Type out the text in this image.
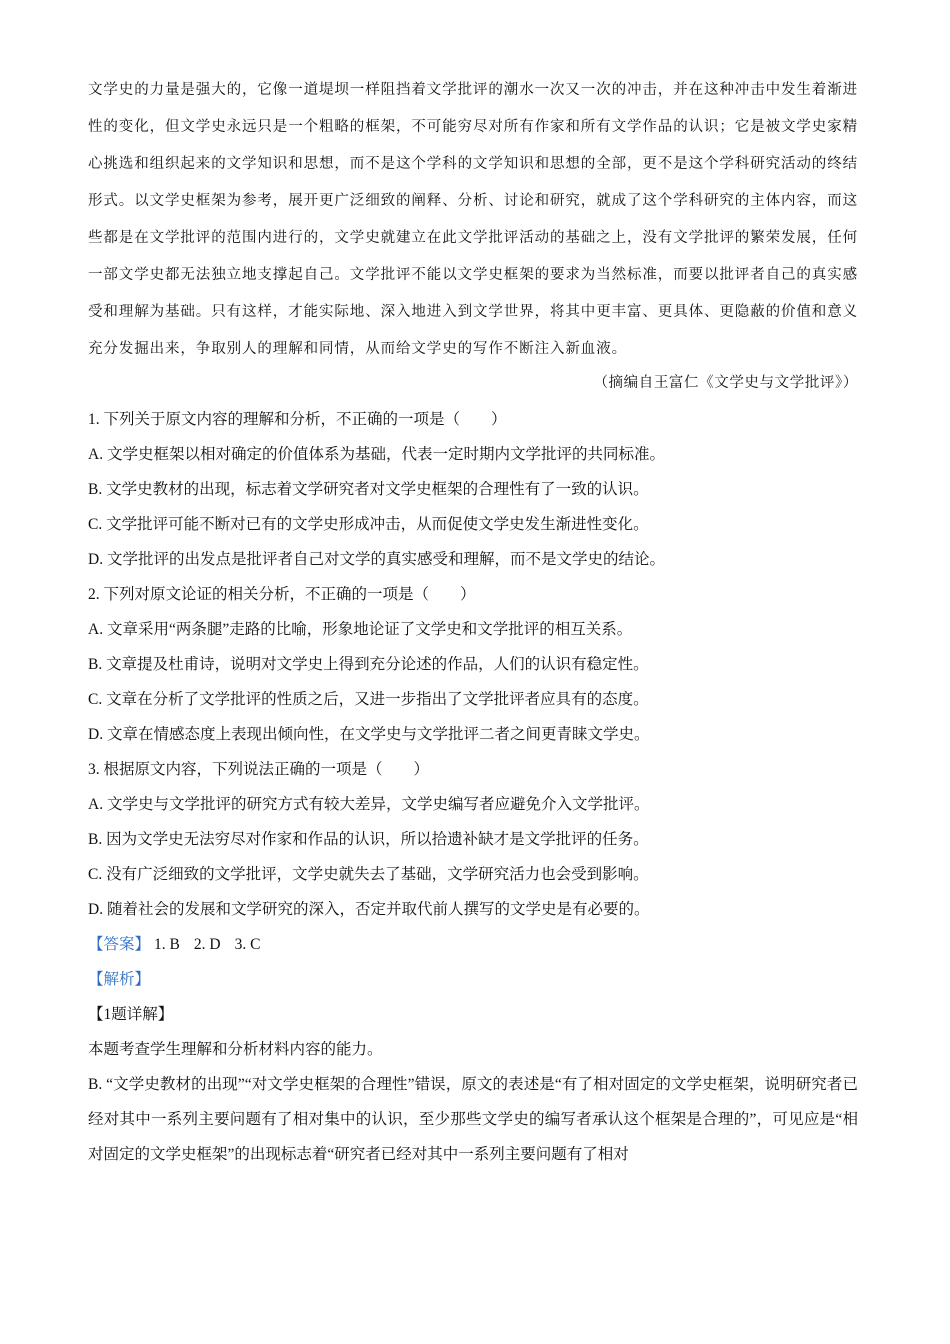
文学史的力量是强大的，它像一道堤坝一样阻挡着文学批评的潮水一次又一次的冲击，并在这种冲击中发生着渐进性的变化，但文学史永远只是一个粗略的框架，不可能穷尽对所有作家和所有文学作品的认识；它是被文学史家精心挑选和组织起来的文学知识和思想，而不是这个学科的文学知识和思想的全部，更不是这个学科研究活动的终结形式。以文学史框架为参考，展开更广泛细致的阐释、分析、讨论和研究，就成了这个学科研究的主体内容，而这些都是在文学批评的范围内进行的，文学史就建立在此文学批评活动的基础之上，没有文学批评的繁荣发展，任何一部文学史都无法独立地支撑起自己。文学批评不能以文学史框架的要求为当然标准，而要以批评者自己的真实感受和理解为基础。只有这样，才能实际地、深入地进入到文学世界，将其中更丰富、更具体、更隐蔽的价值和意义充分发掘出来，争取别人的理解和同情，从而给文学史的写作不断注入新血液。
（摘编自王富仁《文学史与文学批评》）
1. 下列关于原文内容的理解和分析，不正确的一项是（　　）
A. 文学史框架以相对确定的价值体系为基础，代表一定时期内文学批评的共同标准。
B. 文学史教材的出现，标志着文学研究者对文学史框架的合理性有了一致的认识。
C. 文学批评可能不断对已有的文学史形成冲击，从而促使文学史发生渐进性变化。
D. 文学批评的出发点是批评者自己对文学的真实感受和理解，而不是文学史的结论。
2. 下列对原文论证的相关分析，不正确的一项是（　　）
A. 文章采用“两条腿”走路的比喻，形象地论证了文学史和文学批评的相互关系。
B. 文章提及杜甫诗，说明对文学史上得到充分论述的作品，人们的认识有稳定性。
C. 文章在分析了文学批评的性质之后，又进一步指出了文学批评者应具有的态度。
D. 文章在情感态度上表现出倾向性，在文学史与文学批评二者之间更青睐文学史。
3. 根据原文内容，下列说法正确的一项是（　　）
A. 文学史与文学批评的研究方式有较大差异，文学史编写者应避免介入文学批评。
B. 因为文学史无法穷尽对作家和作品的认识，所以拾遗补缺才是文学批评的任务。
C. 没有广泛细致的文学批评，文学史就失去了基础，文学研究活力也会受到影响。
D. 随着社会的发展和文学研究的深入，否定并取代前人撰写的文学史是有必要的。
【答案】 1. B 2. D 3. C
【解析】
【1题详解】
本题考查学生理解和分析材料内容的能力。
B. “文学史教材的出现”“对文学史框架的合理性”错误，原文的表述是“有了相对固定的文学史框架，说明研究者已经对其中一系列主要问题有了相对集中的认识，至少那些文学史的编写者承认这个框架是合理的”，可见应是“相对固定的文学史框架”的出现标志着“研究者已经对其中一系列主要问题有了相对
